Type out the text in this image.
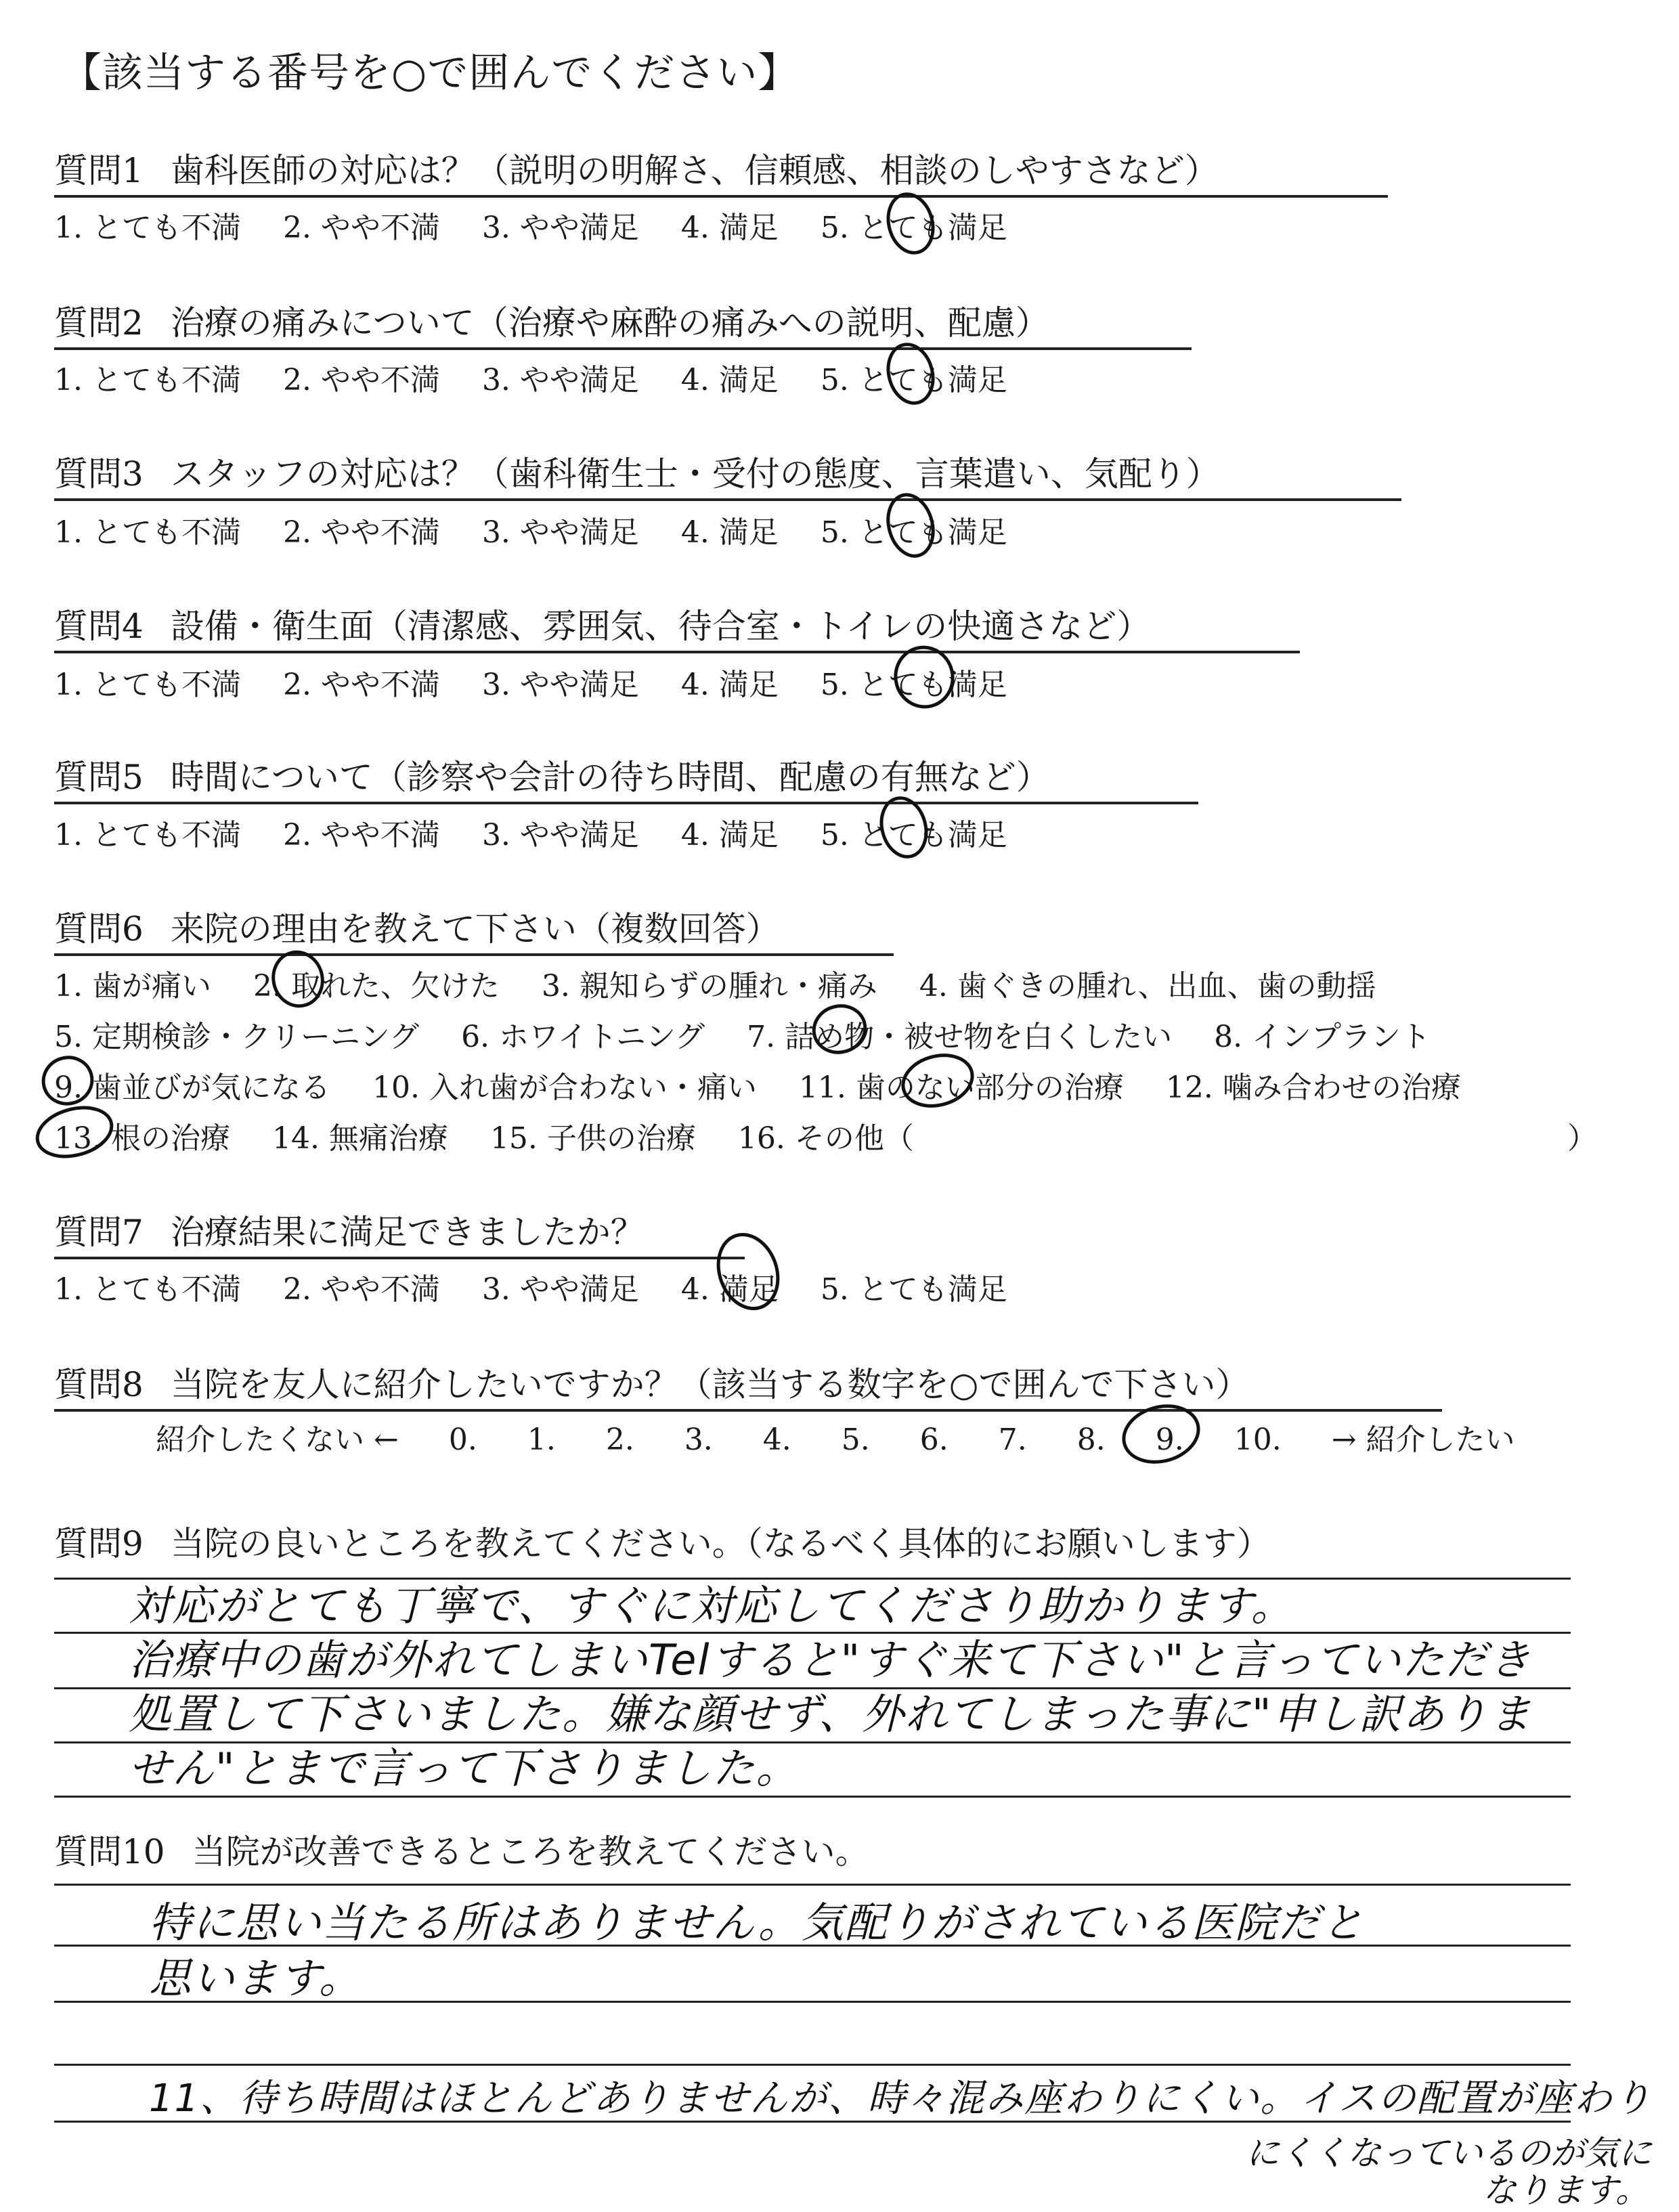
【該当する番号を○で囲んでください】
質問1 歯科医師の対応は？（説明の明解さ、信頼感、相談のしやすさなど）
1. とても不満 2. やや不満 3. やや満足 4. 満足 5. とても満足
質問2 治療の痛みについて（治療や麻酔の痛みへの説明、配慮）
1. とても不満 2. やや不満 3. やや満足 4. 満足 5. とても満足
質問3 スタッフの対応は？（歯科衛生士・受付の態度、言葉遣い、気配り）
1. とても不満 2. やや不満 3. やや満足 4. 満足 5. とても満足
質問4 設備・衛生面（清潔感、雰囲気、待合室・トイレの快適さなど）
1. とても不満 2. やや不満 3. やや満足 4. 満足 5. とても満足
質問5 時間について（診察や会計の待ち時間、配慮の有無など）
1. とても不満 2. やや不満 3. やや満足 4. 満足 5. とても満足
質問6 来院の理由を教えて下さい（複数回答）
1. 歯が痛い 2. 取れた、欠けた 3. 親知らずの腫れ・痛み 4. 歯ぐきの腫れ、出血、歯の動揺
5. 定期検診・クリーニング 6. ホワイトニング 7. 詰め物・被せ物を白くしたい 8. インプラント
9. 歯並びが気になる 10. 入れ歯が合わない・痛い 11. 歯のない部分の治療 12. 噛み合わせの治療
13. 根の治療 14. 無痛治療 15. 子供の治療 16. その他（	）
質問7 治療結果に満足できましたか？
1. とても不満 2. やや不満 3. やや満足 4. 満足 5. とても満足
質問8 当院を友人に紹介したいですか？（該当する数字を○で囲んで下さい）
紹介したくない ← 0. 1. 2. 3. 4. 5. 6. 7. 8. 9. 10. → 紹介したい
質問9 当院の良いところを教えてください。（なるべく具体的にお願いします）
対応がとても丁寧で、すぐに対応してくださり助かります。
治療中の歯が外れてしまいTelすると"すぐ来て下さい"と言っていただき
処置して下さいました。嫌な顔せず、外れてしまった事に"申し訳ありま
せん"とまで言って下さりました。
質問10 当院が改善できるところを教えてください。
特に思い当たる所はありません。気配りがされている医院だと
思います。
11、待ち時間はほとんどありませんが、時々混み座わりにくい。イスの配置が座わり
にくくなっているのが気に
なります。
